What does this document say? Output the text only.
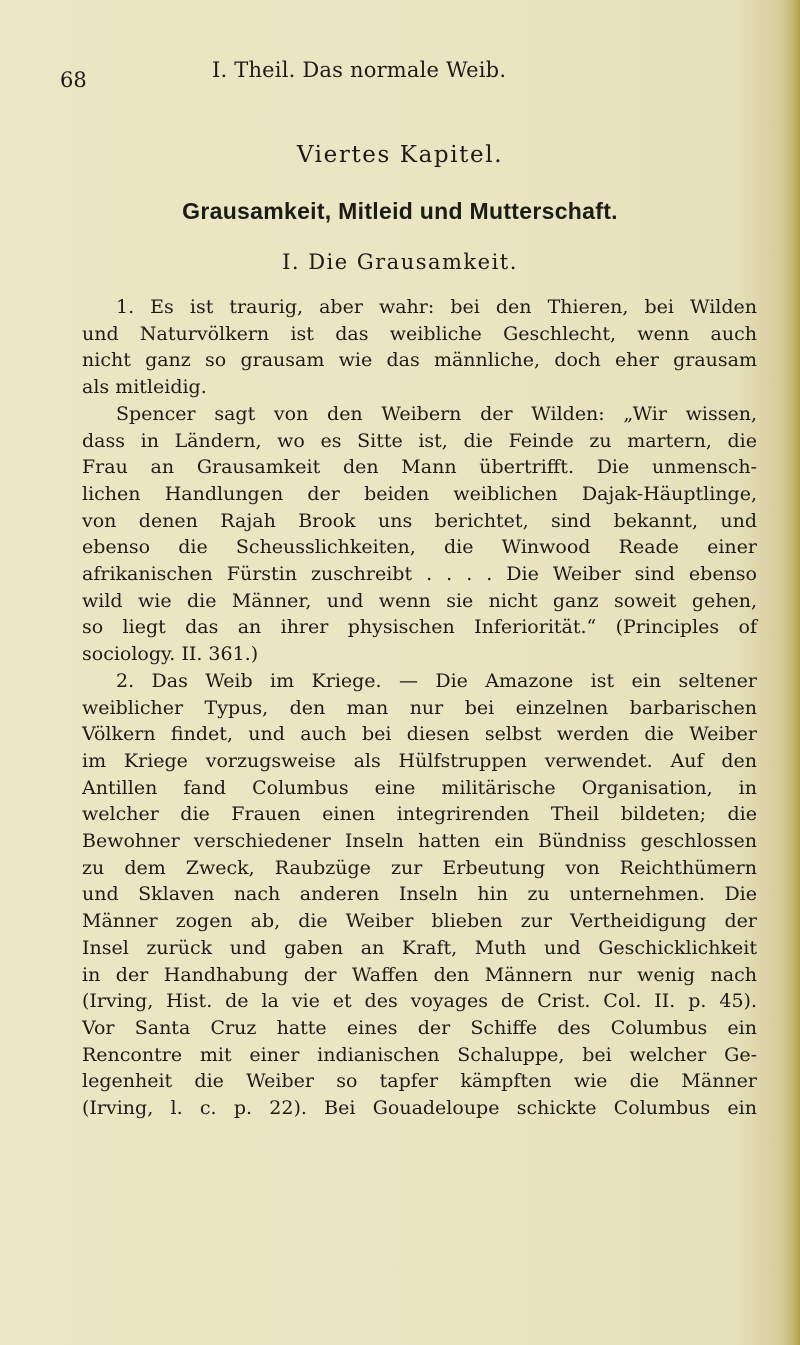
68	I. Theil. Das normale Weib.
Viertes Kapitel.
Grausamkeit, Mitleid und Mutterschaft.
I. Die Grausamkeit.
1. Es ist traurig, aber wahr: bei den Thieren, bei Wilden
und Naturvölkern ist das weibliche Geschlecht, wenn auch
nicht ganz so grausam wie das männliche, doch eher grausam
als mitleidig.
Spencer sagt von den Weibern der Wilden: „Wir wissen,
dass in Ländern, wo es Sitte ist, die Feinde zu martern, die
Frau an Grausamkeit den Mann übertrifft. Die unmensch-
lichen Handlungen der beiden weiblichen Dajak-Häuptlinge,
von denen Rajah Brook uns berichtet, sind bekannt, und
ebenso die Scheusslichkeiten, die Winwood Reade einer
afrikanischen Fürstin zuschreibt . . . . Die Weiber sind ebenso
wild wie die Männer, und wenn sie nicht ganz soweit gehen,
so liegt das an ihrer physischen Inferiorität.“ (Principles of
sociology. II. 361.)
2. Das Weib im Kriege. — Die Amazone ist ein seltener
weiblicher Typus, den man nur bei einzelnen barbarischen
Völkern findet, und auch bei diesen selbst werden die Weiber
im Kriege vorzugsweise als Hülfstruppen verwendet. Auf den
Antillen fand Columbus eine militärische Organisation, in
welcher die Frauen einen integrirenden Theil bildeten; die
Bewohner verschiedener Inseln hatten ein Bündniss geschlossen
zu dem Zweck, Raubzüge zur Erbeutung von Reichthümern
und Sklaven nach anderen Inseln hin zu unternehmen. Die
Männer zogen ab, die Weiber blieben zur Vertheidigung der
Insel zurück und gaben an Kraft, Muth und Geschicklichkeit
in der Handhabung der Waffen den Männern nur wenig nach
(Irving, Hist. de la vie et des voyages de Crist. Col. II. p. 45).
Vor Santa Cruz hatte eines der Schiffe des Columbus ein
Rencontre mit einer indianischen Schaluppe, bei welcher Ge-
legenheit die Weiber so tapfer kämpften wie die Männer
(Irving, l. c. p. 22). Bei Gouadeloupe schickte Columbus ein
